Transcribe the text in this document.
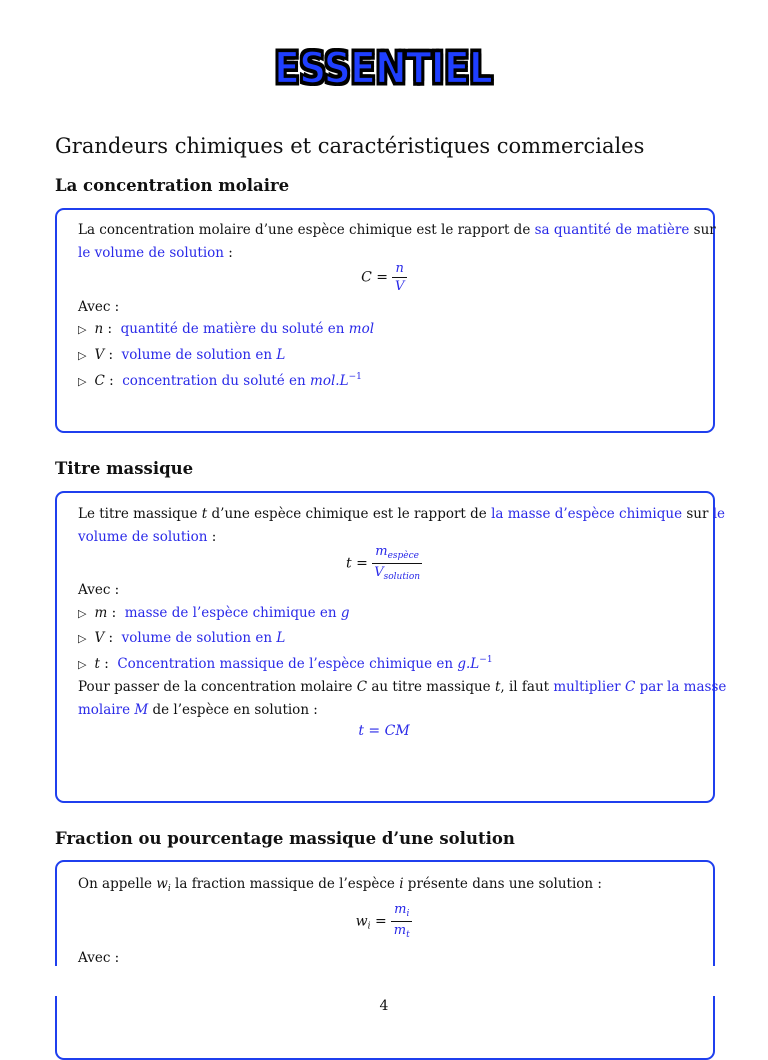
ESSENTIEL
Grandeurs chimiques et caractéristiques commerciales
La concentration molaire
La concentration molaire d’une espèce chimique est le rapport de sa quantité de matière sur
le volume de solution :
$C = \frac{n}{V}$
Avec :
▷ n :  quantité de matière du soluté en mol
▷ V :  volume de solution en L
▷ C :  concentration du soluté en $mol.L^{-1}$
Titre massique
Le titre massique t d’une espèce chimique est le rapport de la masse d’espèce chimique sur le
volume de solution :
$t = \frac{m_{espèce}}{V_{solution}}$
Avec :
▷ m :  masse de l’espèce chimique en g
▷ V :  volume de solution en L
▷ t :  Concentration massique de l’espèce chimique en $g.L^{-1}$
Pour passer de la concentration molaire C au titre massique t, il faut multiplier C par la masse
molaire M de l’espèce en solution :
t = CM
Fraction ou pourcentage massique d’une solution
On appelle $w_i$ la fraction massique de l’espèce i présente dans une solution :
$w_i = \frac{m_i}{m_t}$
Avec :
4
